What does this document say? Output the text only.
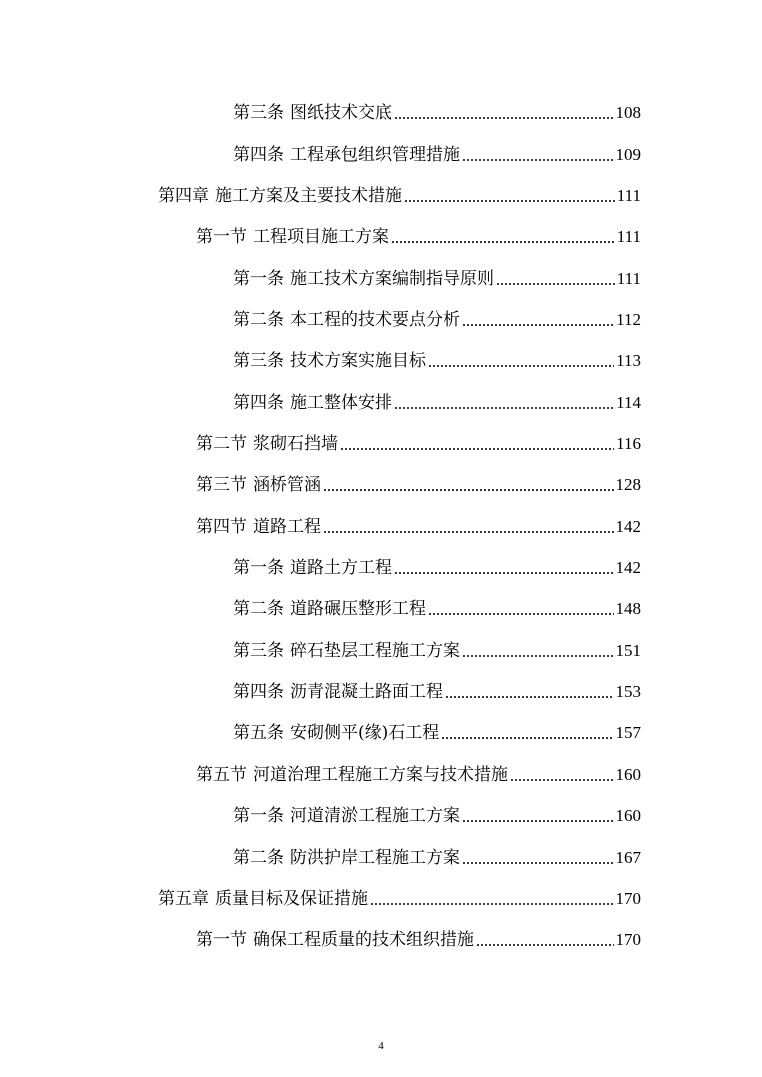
第三条 图纸技术交底	108
第四条 工程承包组织管理措施	109
第四章 施工方案及主要技术措施	111
第一节 工程项目施工方案	111
第一条 施工技术方案编制指导原则	111
第二条 本工程的技术要点分析	112
第三条 技术方案实施目标	113
第四条 施工整体安排	114
第二节 浆砌石挡墙	116
第三节 涵桥管涵	128
第四节 道路工程	142
第一条 道路土方工程	142
第二条 道路碾压整形工程	148
第三条 碎石垫层工程施工方案	151
第四条 沥青混凝土路面工程	153
第五条 安砌侧平(缘)石工程	157
第五节 河道治理工程施工方案与技术措施	160
第一条 河道清淤工程施工方案	160
第二条 防洪护岸工程施工方案	167
第五章 质量目标及保证措施	170
第一节 确保工程质量的技术组织措施	170
4
